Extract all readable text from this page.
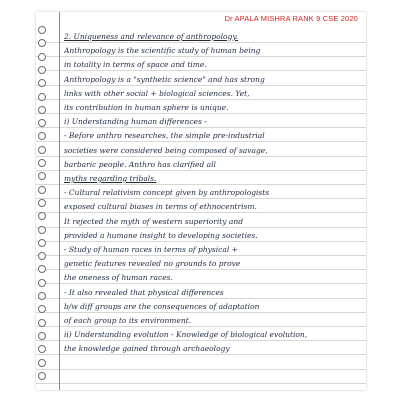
Dr APALA MISHRA RANK 9 CSE 2020
2. Uniqueness and relevance of anthropology.
Anthropology is the scientific study of human being
in totality in terms of space and time.
Anthropology is a "synthetic science" and has strong
links with other social + biological sciences. Yet,
its contribution in human sphere is unique.
i) Understanding human differences -
- Before anthro researches, the simple pre-industrial
societies were considered being composed of savage,
barbaric people. Anthro has clarified all
myths regarding tribals.
- Cultural relativism concept given by anthropologists
exposed cultural biases in terms of ethnocentrism.
It rejected the myth of western superiority and
provided a humane insight to developing societies.
- Study of human races in terms of physical +
genetic features revealed no grounds to prove
the oneness of human races.
- It also revealed that physical differences
b/w diff groups are the consequences of adaptation
of each group to its environment.
ii) Understanding evolution - Knowledge of biological evolution,
the knowledge gained through archaeology
